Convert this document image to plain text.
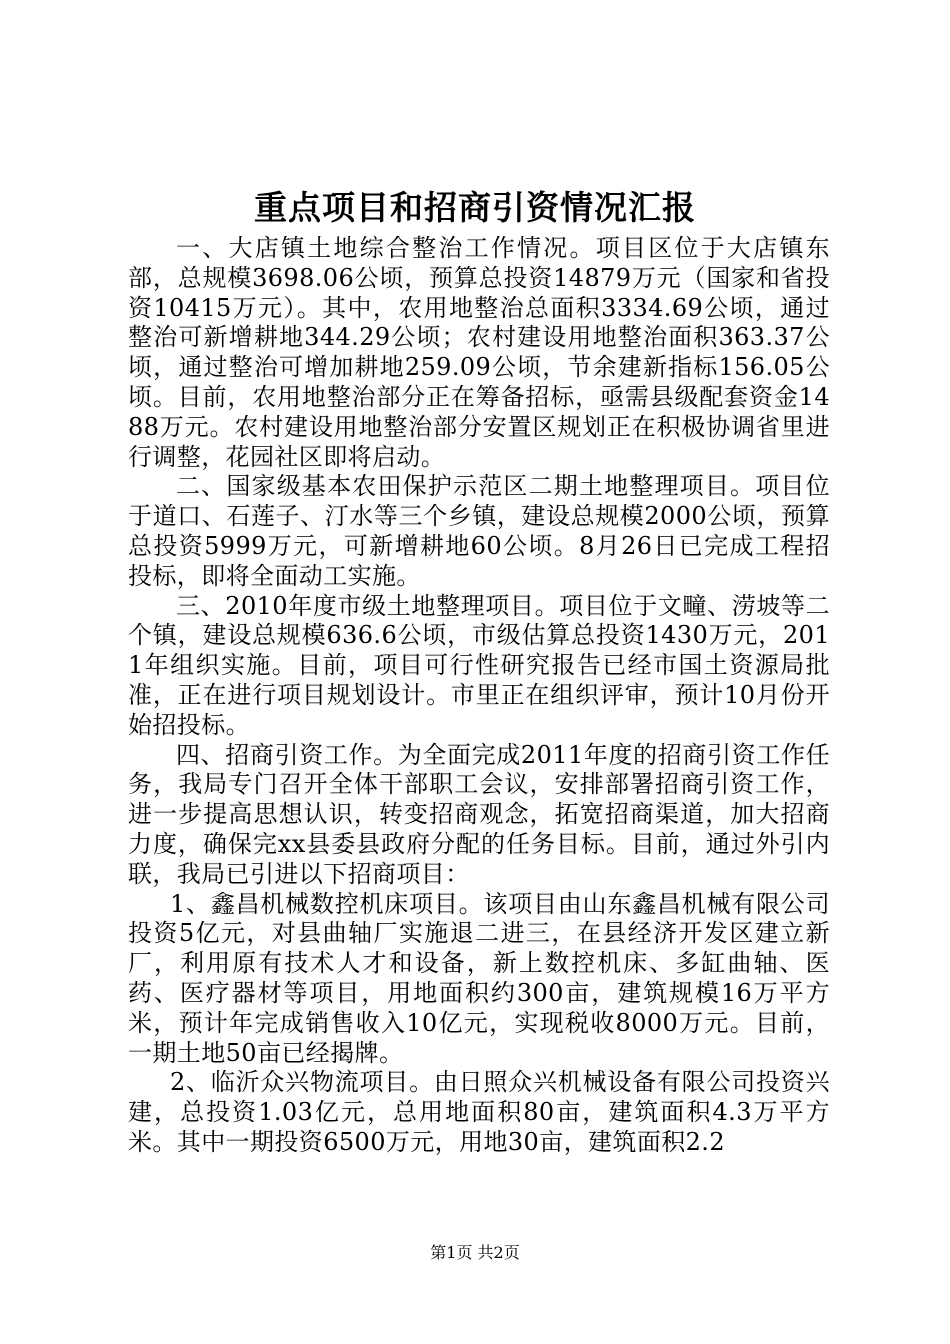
重点项目和招商引资情况汇报

一、大店镇土地综合整治工作情况。项目区位于大店镇东部，总规模3698.06公顷，预算总投资14879万元（国家和省投资10415万元）。其中，农用地整治总面积3334.69公顷，通过整治可新增耕地344.29公顷；农村建设用地整治面积363.37公顷，通过整治可增加耕地259.09公顷，节余建新指标156.05公顷。目前，农用地整治部分正在筹备招标，亟需县级配套资金1488万元。农村建设用地整治部分安置区规划正在积极协调省里进行调整，花园社区即将启动。

二、国家级基本农田保护示范区二期土地整理项目。项目位于道口、石莲子、汀水等三个乡镇，建设总规模2000公顷，预算总投资5999万元，可新增耕地60公顷。8月26日已完成工程招投标，即将全面动工实施。

三、2010年度市级土地整理项目。项目位于文疃、涝坡等二个镇，建设总规模636.6公顷，市级估算总投资1430万元，2011年组织实施。目前，项目可行性研究报告已经市国土资源局批准，正在进行项目规划设计。市里正在组织评审，预计10月份开始招投标。

四、招商引资工作。为全面完成2011年度的招商引资工作任务，我局专门召开全体干部职工会议，安排部署招商引资工作，进一步提高思想认识，转变招商观念，拓宽招商渠道，加大招商力度，确保完xx县委县政府分配的任务目标。目前，通过外引内联，我局已引进以下招商项目：

1、鑫昌机械数控机床项目。该项目由山东鑫昌机械有限公司投资5亿元，对县曲轴厂实施退二进三，在县经济开发区建立新厂，利用原有技术人才和设备，新上数控机床、多缸曲轴、医药、医疗器材等项目，用地面积约300亩，建筑规模16万平方米，预计年完成销售收入10亿元，实现税收8000万元。目前，一期土地50亩已经揭牌。

2、临沂众兴物流项目。由日照众兴机械设备有限公司投资兴建，总投资1.03亿元，总用地面积80亩，建筑面积4.3万平方米。其中一期投资6500万元，用地30亩，建筑面积2.2

第1页 共2页
